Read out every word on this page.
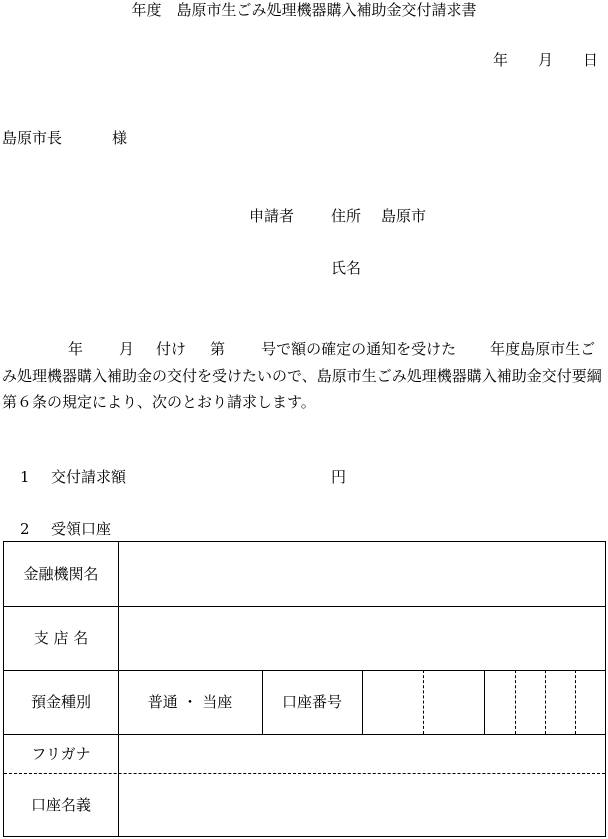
年度　島原市生ごみ処理機器購入補助金交付請求書
年 月 日
島原市長	様
申請者 住所 島原市
氏名
年 月 付け 第 号で額の確定の通知を受けた 年度島原市生ごみ処理機器購入補助金の交付を受けたいので、島原市生ごみ処理機器購入補助金交付要綱第６条の規定により、次のとおり請求します。
1 交付請求額	円
2 受領口座
金融機関名
支 店 名
預金種別	普通 ・ 当座	口座番号
フリガナ
口座名義
